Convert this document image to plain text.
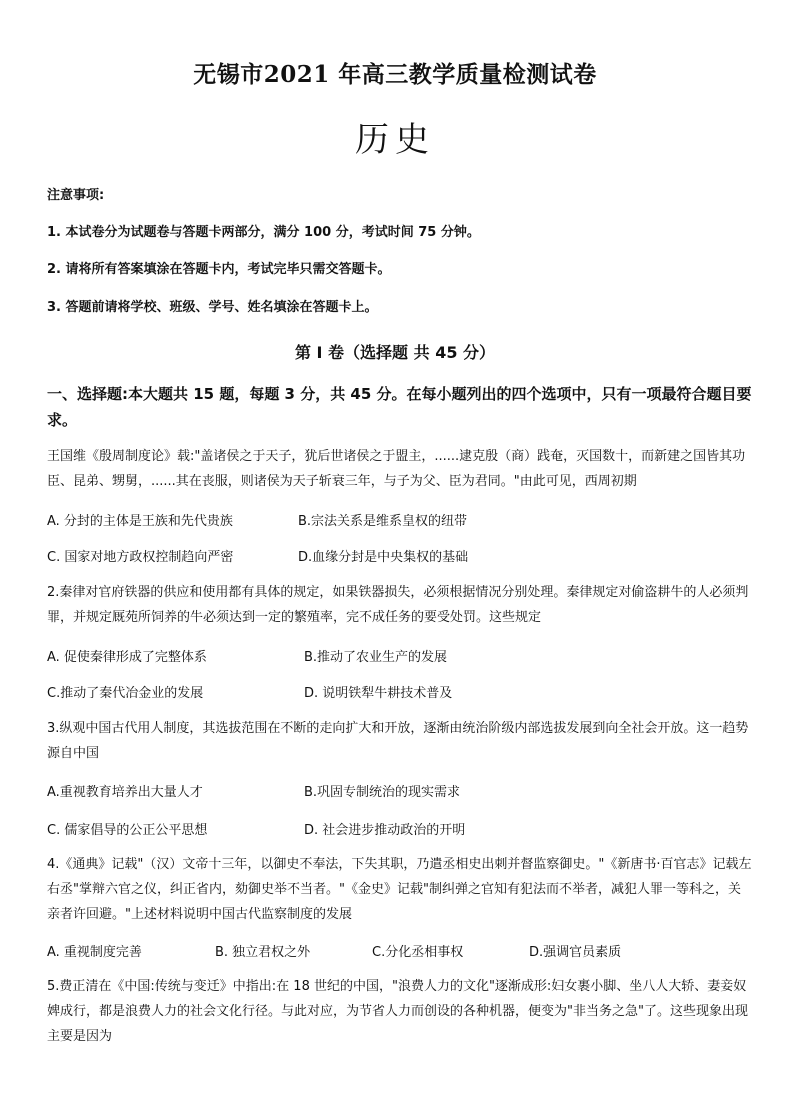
无锡市2021 年高三教学质量检测试卷
历史
注意事项:
1. 本试卷分为试题卷与答题卡两部分，满分 100 分，考试时间 75 分钟。
2. 请将所有答案填涂在答题卡内，考试完毕只需交答题卡。
3. 答题前请将学校、班级、学号、姓名填涂在答题卡上。
第 I 卷（选择题 共 45 分）
一、选择题:本大题共 15 题，每题 3 分，共 45 分。在每小题列出的四个选项中，只有一项最符合题目要求。
王国维《殷周制度论》载:"盖诸侯之于天子，犹后世诸侯之于盟主，......逮克殷（商）践奄，灭国数十，而新建之国皆其功臣、昆弟、甥舅，......其在丧服，则诸侯为天子斩衰三年，与子为父、臣为君同。"由此可见，西周初期
A. 分封的主体是王族和先代贵族	B.宗法关系是维系皇权的纽带
C. 国家对地方政权控制趋向严密	D.血缘分封是中央集权的基础
2.秦律对官府铁器的供应和使用都有具体的规定，如果铁器损失，必须根据情况分别处理。秦律规定对偷盗耕牛的人必须判罪，并规定厩苑所饲养的牛必须达到一定的繁殖率，完不成任务的要受处罚。这些规定
A. 促使秦律形成了完整体系	B.推动了农业生产的发展
C.推动了秦代冶金业的发展	D. 说明铁犁牛耕技术普及
3.纵观中国古代用人制度，其选拔范围在不断的走向扩大和开放，逐渐由统治阶级内部选拔发展到向全社会开放。这一趋势源自中国
A.重视教育培养出大量人才	B.巩固专制统治的现实需求
C. 儒家倡导的公正公平思想	D. 社会进步推动政治的开明
4.《通典》记载"（汉）文帝十三年，以御史不奉法，下失其职，乃遣丞相史出刺并督监察御史。"《新唐书·百官志》记载左右丞"掌辩六官之仪，纠正省内，劾御史举不当者。"《金史》记载"制纠弹之官知有犯法而不举者，减犯人罪一等科之，关亲者许回避。"上述材料说明中国古代监察制度的发展
A. 重视制度完善	B. 独立君权之外	C.分化丞相事权	D.强调官员素质
5.费正清在《中国:传统与变迁》中指出:在 18 世纪的中国，"浪费人力的文化"逐渐成形:妇女裹小脚、坐八人大轿、妻妾奴婢成行，都是浪费人力的社会文化行径。与此对应，为节省人力而创设的各种机器，便变为"非当务之急"了。这些现象出现主要是因为
